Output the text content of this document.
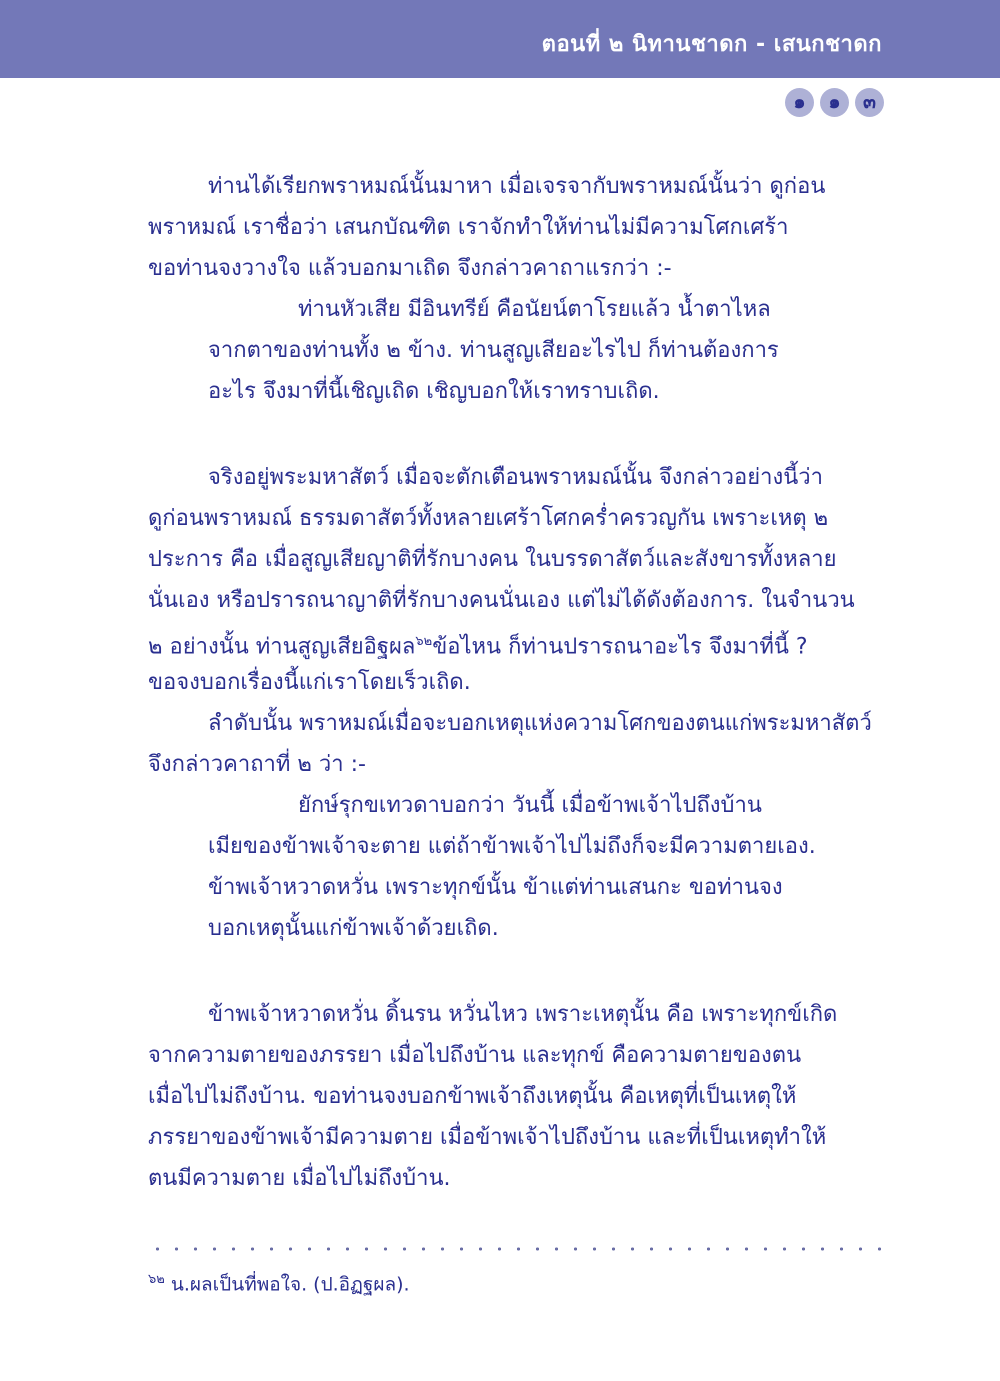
ตอนที่ ๒ นิทานชาดก - เสนกชาดก
๑	๑	๓
ท่านได้เรียกพราหมณ์นั้นมาหา เมื่อเจรจากับพราหมณ์นั้นว่า ดูก่อน
พราหมณ์ เราชื่อว่า เสนกบัณฑิต เราจักทำให้ท่านไม่มีความโศกเศร้า
ขอท่านจงวางใจ แล้วบอกมาเถิด จึงกล่าวคาถาแรกว่า :-
ท่านหัวเสีย มีอินทรีย์ คือนัยน์ตาโรยแล้ว น้ำตาไหล
จากตาของท่านทั้ง ๒ ข้าง. ท่านสูญเสียอะไรไป ก็ท่านต้องการ
อะไร จึงมาที่นี้เชิญเถิด เชิญบอกให้เราทราบเถิด.
จริงอยู่พระมหาสัตว์ เมื่อจะตักเตือนพราหมณ์นั้น จึงกล่าวอย่างนี้ว่า
ดูก่อนพราหมณ์ ธรรมดาสัตว์ทั้งหลายเศร้าโศกคร่ำครวญกัน เพราะเหตุ ๒
ประการ คือ เมื่อสูญเสียญาติที่รักบางคน ในบรรดาสัตว์และสังขารทั้งหลาย
นั่นเอง หรือปรารถนาญาติที่รักบางคนนั่นเอง แต่ไม่ได้ดังต้องการ. ในจำนวน
๒ อย่างนั้น ท่านสูญเสียอิฐผล$^{๖๒}$ข้อไหน ก็ท่านปรารถนาอะไร จึงมาที่นี้ ?
ขอจงบอกเรื่องนี้แก่เราโดยเร็วเถิด.
ลำดับนั้น พราหมณ์เมื่อจะบอกเหตุแห่งความโศกของตนแก่พระมหาสัตว์
จึงกล่าวคาถาที่ ๒ ว่า :-
ยักษ์รุกขเทวดาบอกว่า วันนี้ เมื่อข้าพเจ้าไปถึงบ้าน
เมียของข้าพเจ้าจะตาย แต่ถ้าข้าพเจ้าไปไม่ถึงก็จะมีความตายเอง.
ข้าพเจ้าหวาดหวั่น เพราะทุกข์นั้น ข้าแต่ท่านเสนกะ ขอท่านจง
บอกเหตุนั้นแก่ข้าพเจ้าด้วยเถิด.
ข้าพเจ้าหวาดหวั่น ดิ้นรน หวั่นไหว เพราะเหตุนั้น คือ เพราะทุกข์เกิด
จากความตายของภรรยา เมื่อไปถึงบ้าน และทุกข์ คือความตายของตน
เมื่อไปไม่ถึงบ้าน. ขอท่านจงบอกข้าพเจ้าถึงเหตุนั้น คือเหตุที่เป็นเหตุให้
ภรรยาของข้าพเจ้ามีความตาย เมื่อข้าพเจ้าไปถึงบ้าน และที่เป็นเหตุทำให้
ตนมีความตาย เมื่อไปไม่ถึงบ้าน.
$^{๖๒}$ น.ผลเป็นที่พอใจ. (ป.อิฏฐผล).
